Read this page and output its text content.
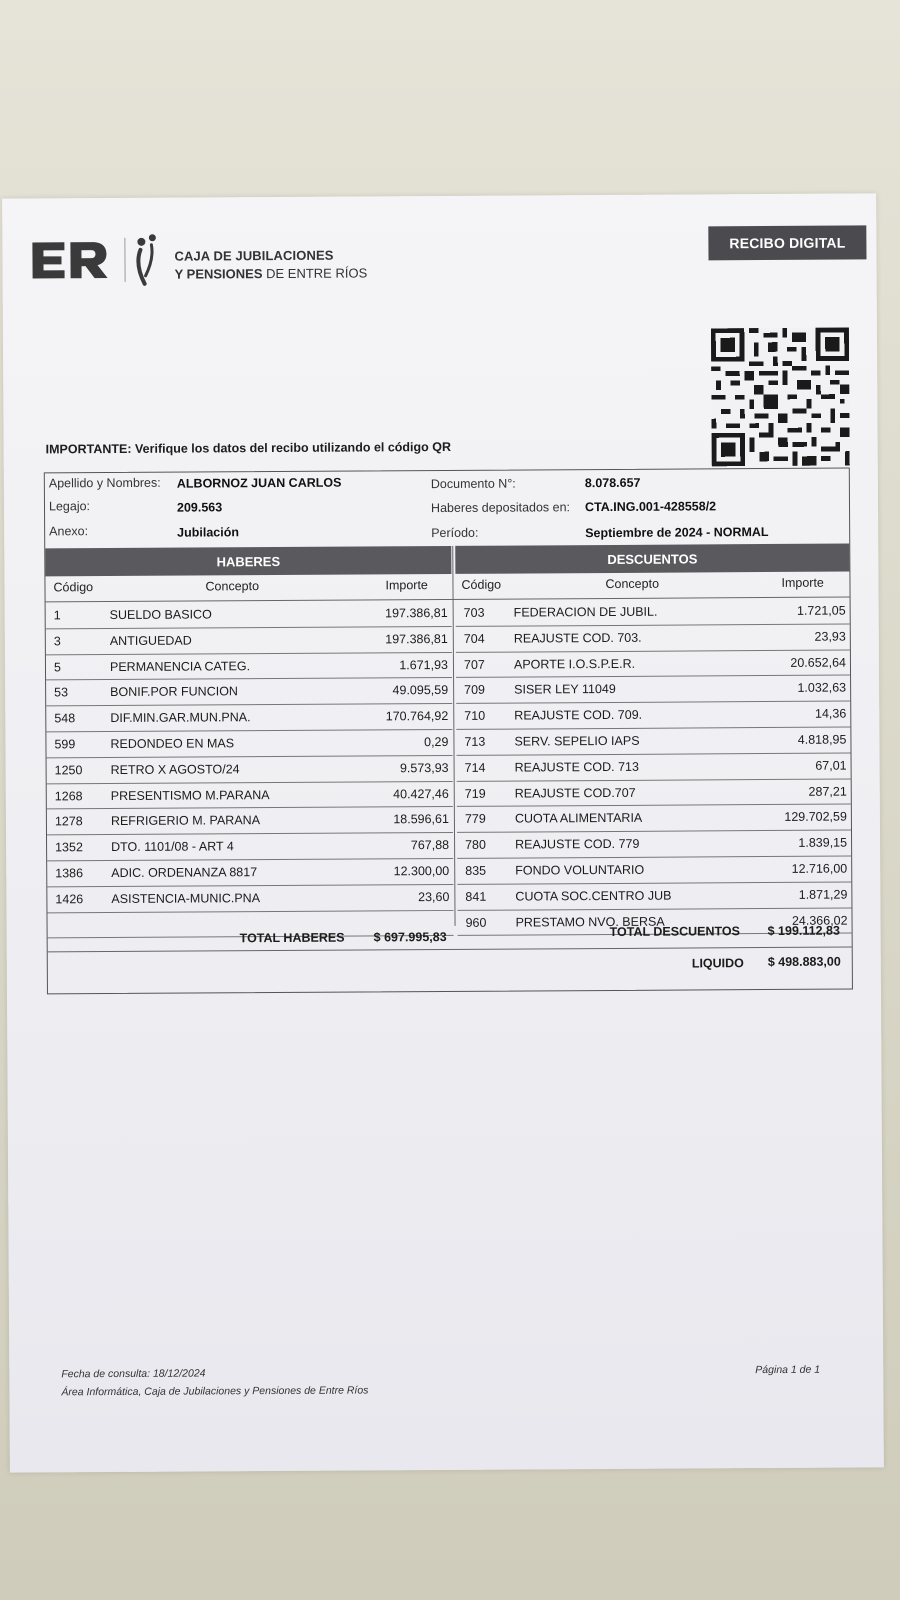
CAJA DE JUBILACIONES
Y PENSIONES DE ENTRE RÍOS
RECIBO DIGITAL
IMPORTANTE: Verifique los datos del recibo utilizando el código QR
Apellido y Nombres: ALBORNOZ JUAN CARLOS
Legajo:	209.563
Anexo:	Jubilación
Documento N°:	8.078.657
Haberes depositados en: CTA.ING.001-428558/2
Período:	Septiembre de 2024 - NORMAL
HABERES	DESCUENTOS
Código	Concepto	Importe	Código	Concepto	Importe
1	SUELDO BASICO	197.386,81
3	ANTIGUEDAD	197.386,81
5	PERMANENCIA CATEG.	1.671,93
53	BONIF.POR FUNCION	49.095,59
548	DIF.MIN.GAR.MUN.PNA.	170.764,92
599	REDONDEO EN MAS	0,29
1250 RETRO X AGOSTO/24	9.573,93
1268 PRESENTISMO M.PARANA	40.427,46
1278 REFRIGERIO M. PARANA	18.596,61
1352 DTO. 1101/08 - ART 4	767,88
1386 ADIC. ORDENANZA 8817	12.300,00
1426 ASISTENCIA-MUNIC.PNA	23,60
703 FEDERACION DE JUBIL.	1.721,05
704 REAJUSTE COD. 703.	23,93
707 APORTE I.O.S.P.E.R.	20.652,64
709 SISER LEY 11049	1.032,63
710 REAJUSTE COD. 709.	14,36
713 SERV. SEPELIO IAPS	4.818,95
714 REAJUSTE COD. 713	67,01
719 REAJUSTE COD.707	287,21
779 CUOTA ALIMENTARIA	129.702,59
780 REAJUSTE COD. 779	1.839,15
835 FONDO VOLUNTARIO	12.716,00
841 CUOTA SOC.CENTRO JUB	1.871,29
960 PRESTAMO NVO. BERSA	24.366,02
TOTAL HABERES $ 697.995,83	TOTAL DESCUENTOS $ 199.112,83
LIQUIDO $ 498.883,00
Fecha de consulta: 18/12/2024
Área Informática, Caja de Jubilaciones y Pensiones de Entre Ríos
Página 1 de 1
